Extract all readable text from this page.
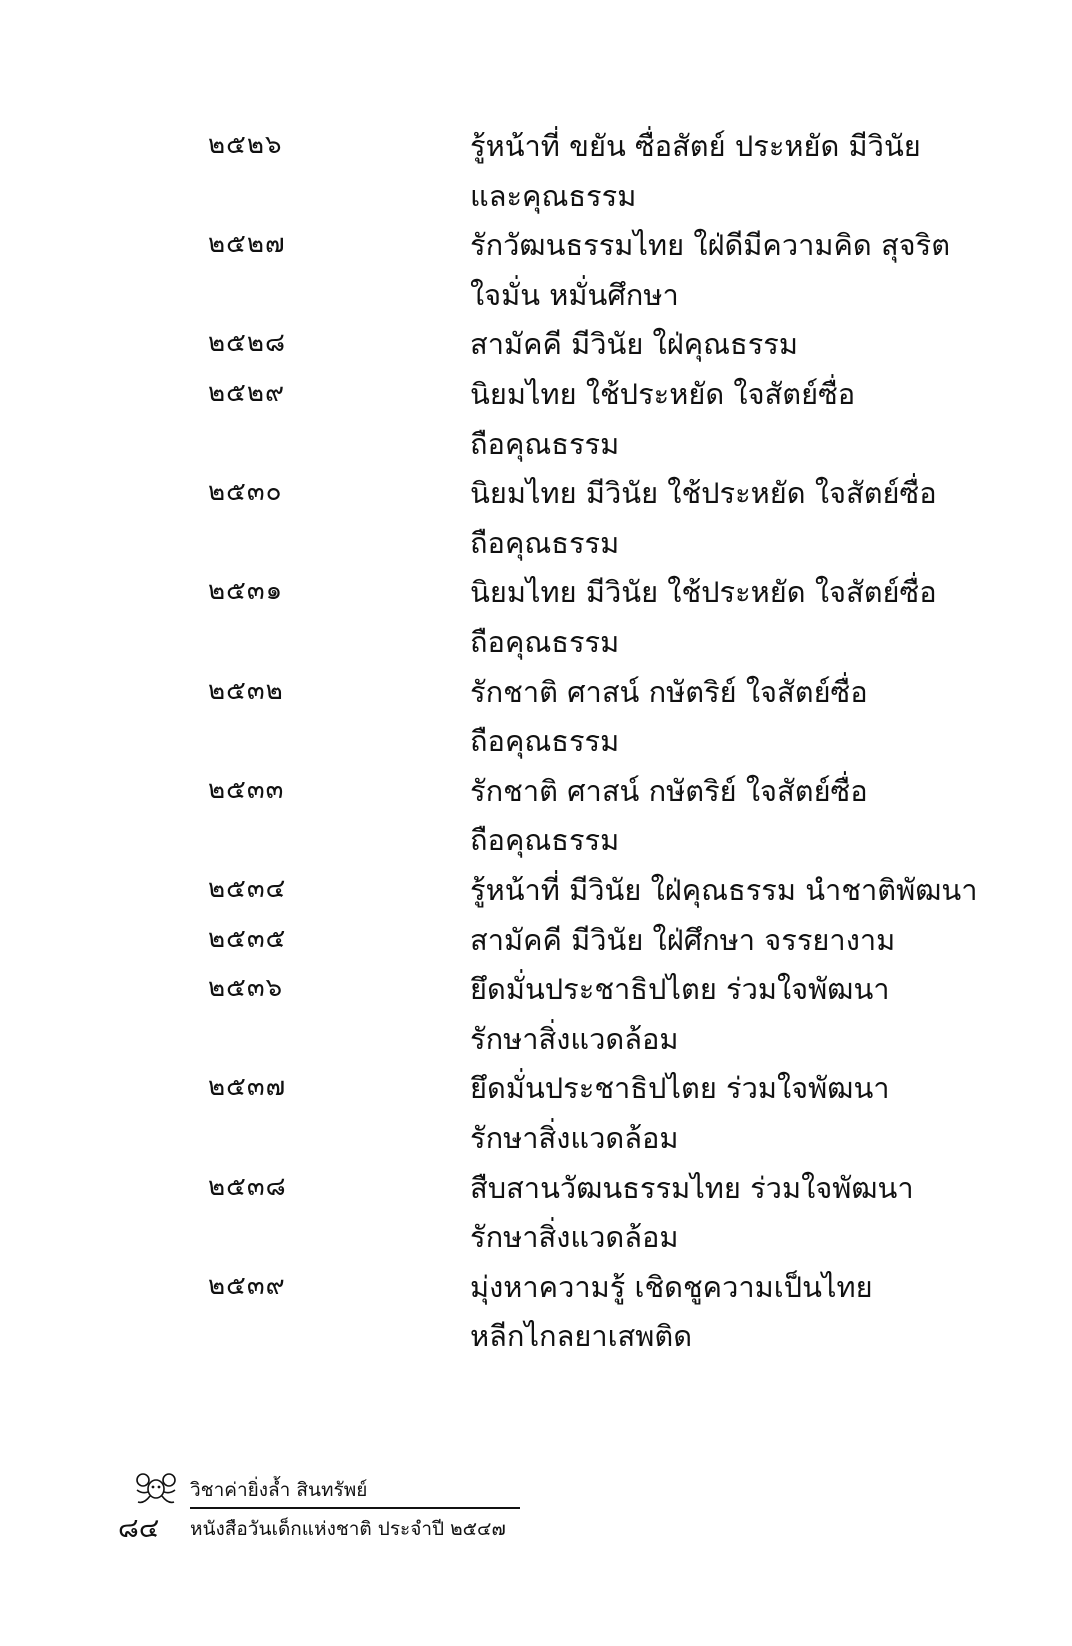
๒๕๒๖	รู้หน้าที่ ขยัน ซื่อสัตย์ ประหยัด มีวินัย
และคุณธรรม
๒๕๒๗	รักวัฒนธรรมไทย ใฝ่ดีมีความคิด สุจริต
ใจมั่น หมั่นศึกษา
๒๕๒๘	สามัคคี มีวินัย ใฝ่คุณธรรม
๒๕๒๙	นิยมไทย ใช้ประหยัด ใจสัตย์ซื่อ
ถือคุณธรรม
๒๕๓๐	นิยมไทย มีวินัย ใช้ประหยัด ใจสัตย์ซื่อ
ถือคุณธรรม
๒๕๓๑	นิยมไทย มีวินัย ใช้ประหยัด ใจสัตย์ซื่อ
ถือคุณธรรม
๒๕๓๒	รักชาติ ศาสน์ กษัตริย์ ใจสัตย์ซื่อ
ถือคุณธรรม
๒๕๓๓	รักชาติ ศาสน์ กษัตริย์ ใจสัตย์ซื่อ
ถือคุณธรรม
๒๕๓๔	รู้หน้าที่ มีวินัย ใฝ่คุณธรรม นำชาติพัฒนา
๒๕๓๕	สามัคคี มีวินัย ใฝ่ศึกษา จรรยางาม
๒๕๓๖	ยึดมั่นประชาธิปไตย ร่วมใจพัฒนา
รักษาสิ่งแวดล้อม
๒๕๓๗	ยึดมั่นประชาธิปไตย ร่วมใจพัฒนา
รักษาสิ่งแวดล้อม
๒๕๓๘	สืบสานวัฒนธรรมไทย ร่วมใจพัฒนา
รักษาสิ่งแวดล้อม
๒๕๓๙	มุ่งหาความรู้ เชิดชูความเป็นไทย
หลีกไกลยาเสพติด
วิชาค่ายิ่งล้ำ สินทรัพย์
๘๔ หนังสือวันเด็กแห่งชาติ ประจำปี ๒๕๔๗
